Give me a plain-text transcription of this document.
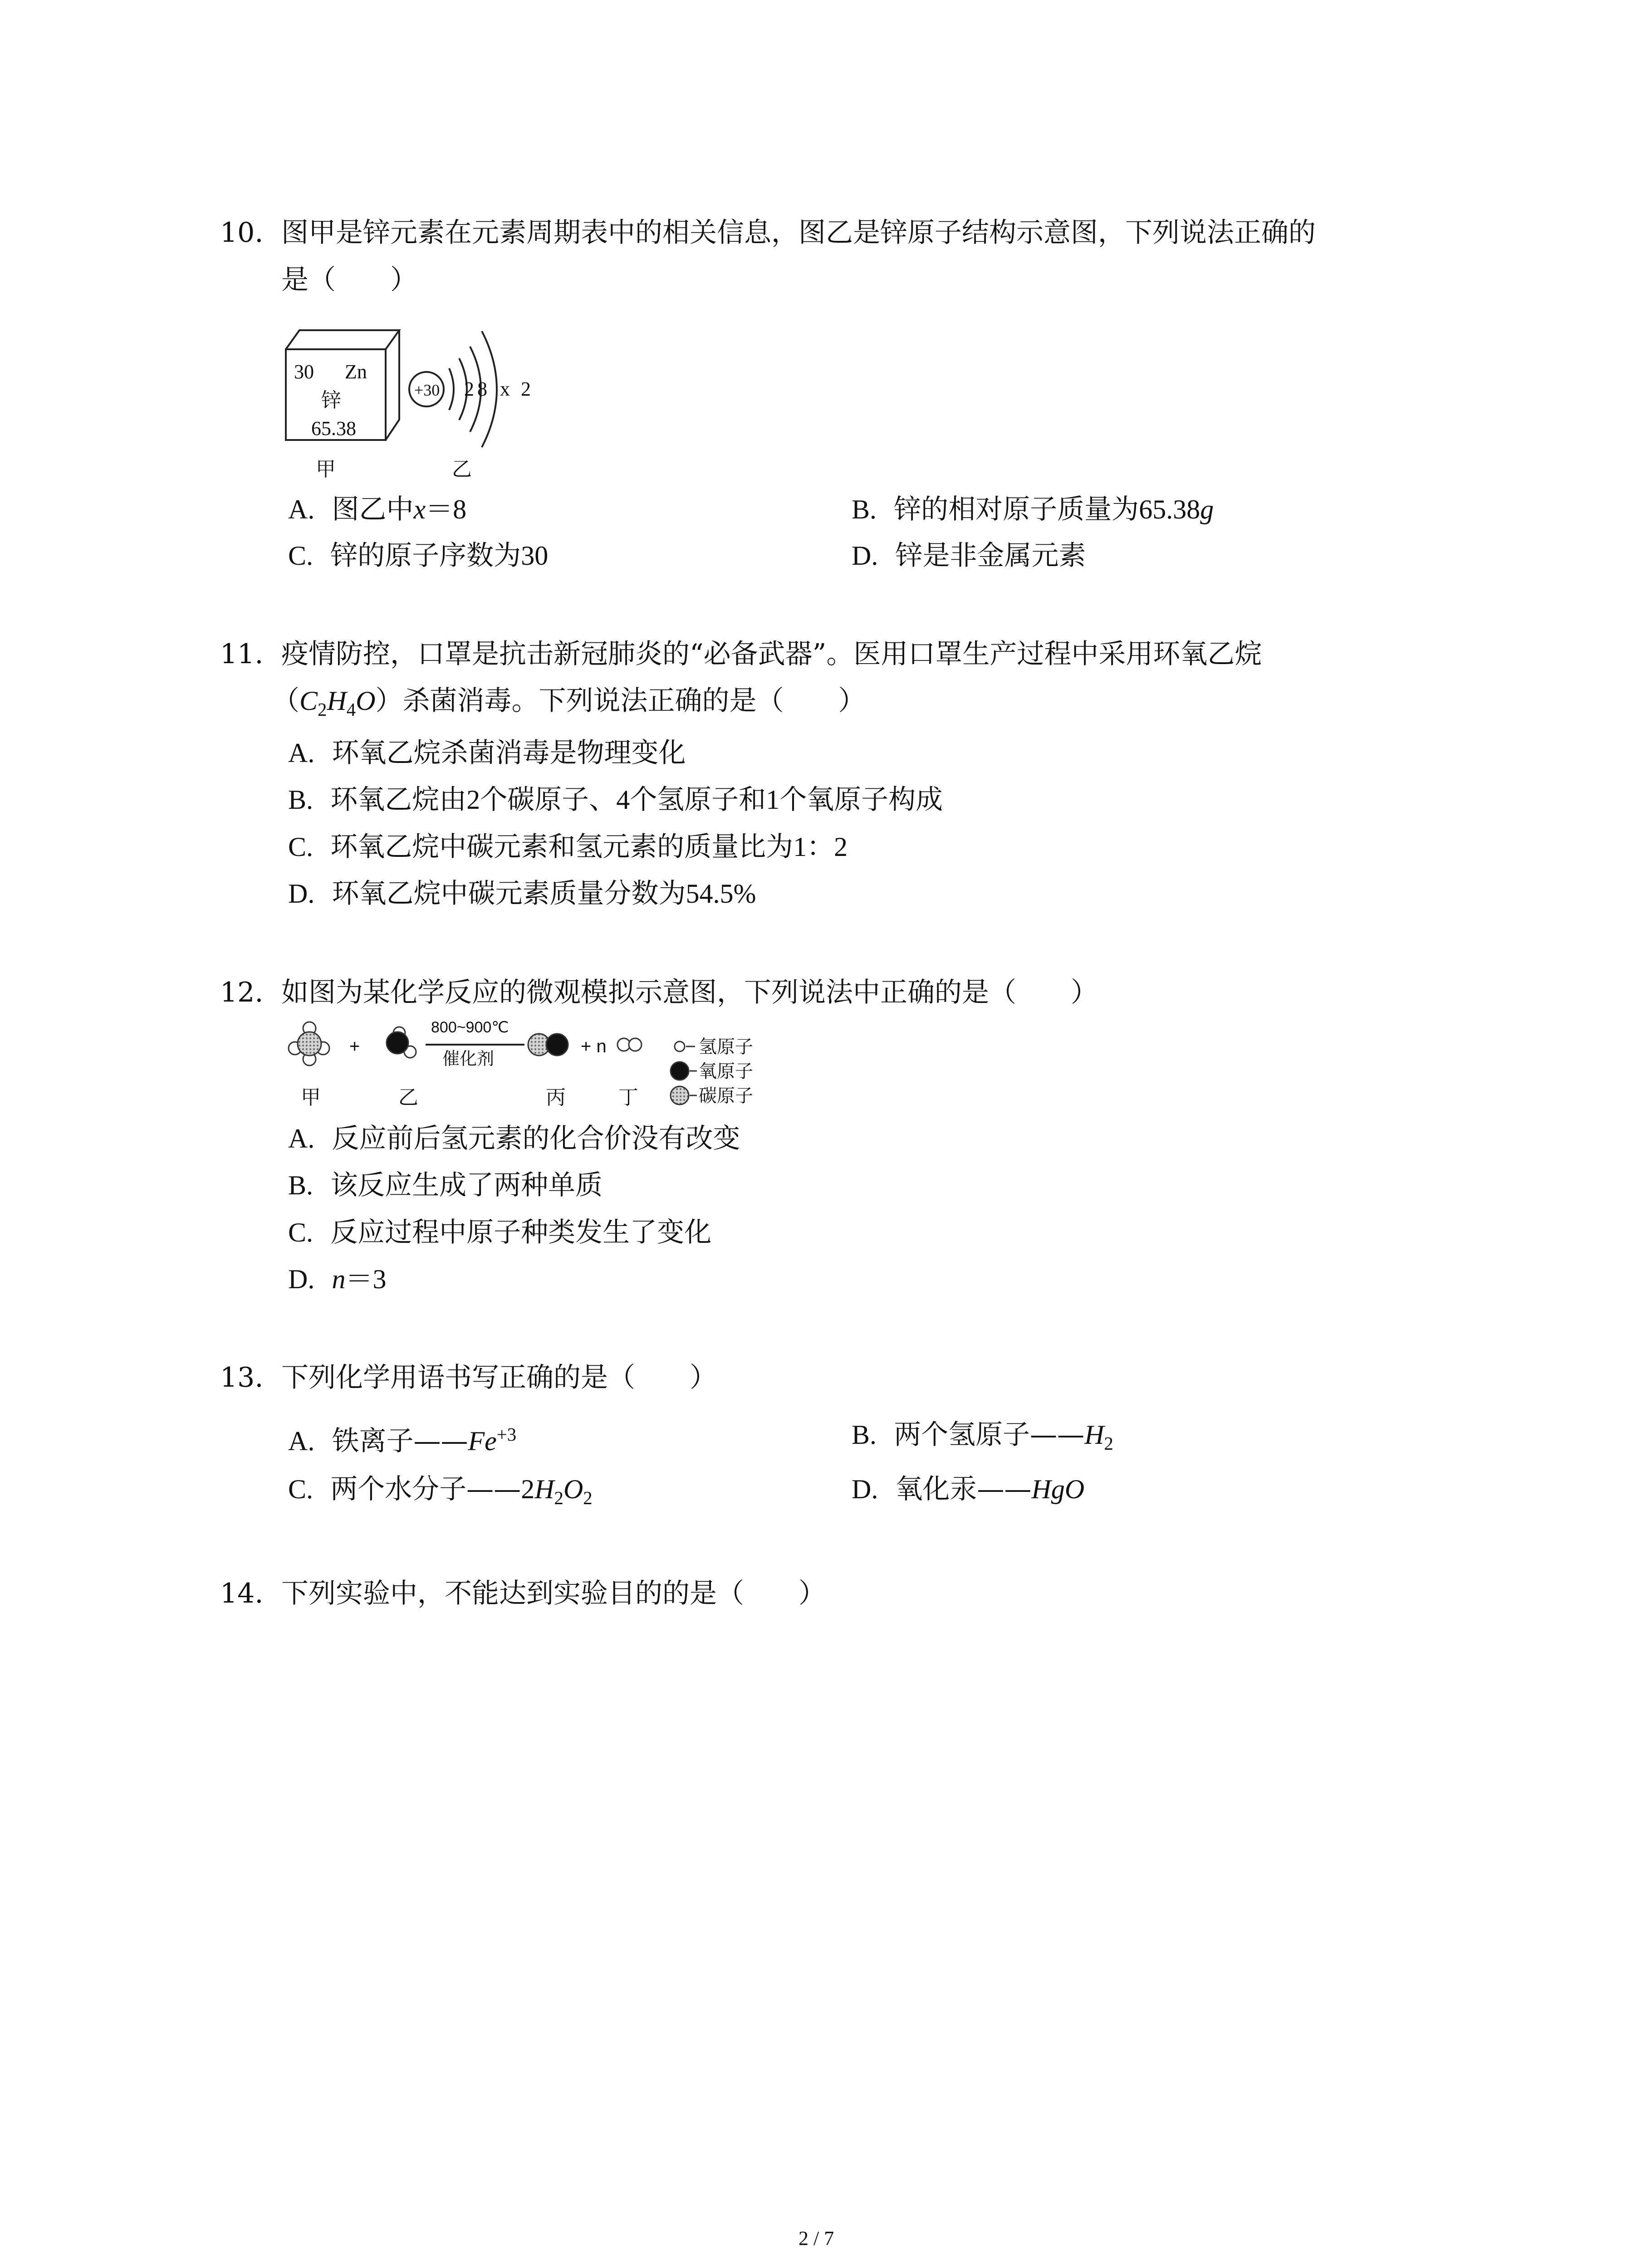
10. 图甲是锌元素在元素周期表中的相关信息，图乙是锌原子结构示意图，下列说法正确的
是（　　）
30 Zn
锌
65.38
+30 2 8 x 2
甲	乙
A. 图乙中x＝8	B. 锌的相对原子质量为65.38g
C. 锌的原子序数为30	D. 锌是非金属元素
11. 疫情防控，口罩是抗击新冠肺炎的“必备武器”。医用口罩生产过程中采用环氧乙烷
$(C_2H_4O)$杀菌消毒。下列说法正确的是（　　）
A. 环氧乙烷杀菌消毒是物理变化
B. 环氧乙烷由2个碳原子、4个氢原子和1个氧原子构成
C. 环氧乙烷中碳元素和氢元素的质量比为1：2
D. 环氧乙烷中碳元素质量分数为54.5%
12. 如图为某化学反应的微观模拟示意图，下列说法中正确的是（　　）
+
800~900℃
催化剂
+ n	氢原子
氧原子
碳原子
甲	乙	丙	丁
A. 反应前后氢元素的化合价没有改变
B. 该反应生成了两种单质
C. 反应过程中原子种类发生了变化
D. n＝3
13. 下列化学用语书写正确的是（　　）
A. 铁离子$——Fe^{+3}$	B. 两个氢原子$——H_2$
C. 两个水分子$——2H_2O_2$	D. 氧化汞——HgO
14. 下列实验中，不能达到实验目的的是（　　）
2 / 7
